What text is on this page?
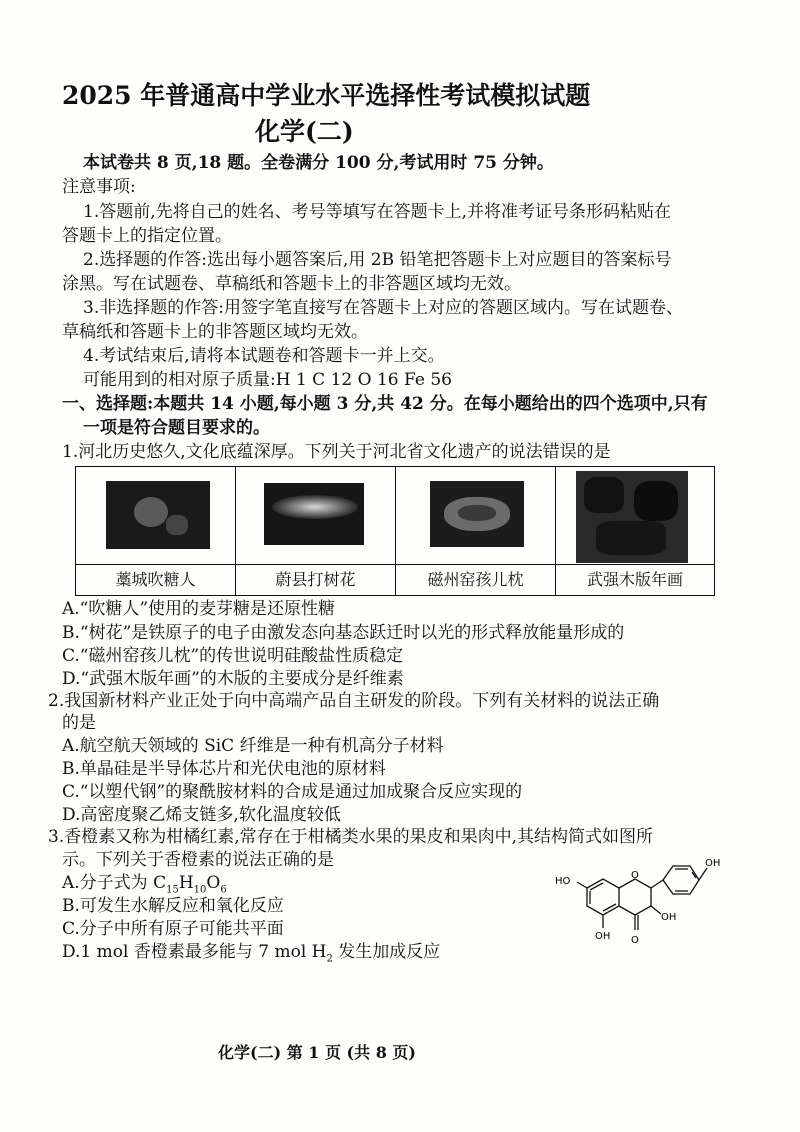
2025 年普通高中学业水平选择性考试模拟试题
化学(二)
本试卷共 8 页,18 题。全卷满分 100 分,考试用时 75 分钟。
注意事项:
1.答题前,先将自己的姓名、考号等填写在答题卡上,并将准考证号条形码粘贴在
答题卡上的指定位置。
2.选择题的作答:选出每小题答案后,用 2B 铅笔把答题卡上对应题目的答案标号
涂黑。写在试题卷、草稿纸和答题卡上的非答题区域均无效。
3.非选择题的作答:用签字笔直接写在答题卡上对应的答题区域内。写在试题卷、
草稿纸和答题卡上的非答题区域均无效。
4.考试结束后,请将本试题卷和答题卡一并上交。
可能用到的相对原子质量:H 1 C 12 O 16 Fe 56
一、选择题:本题共 14 小题,每小题 3 分,共 42 分。在每小题给出的四个选项中,只有
一项是符合题目要求的。
1.河北历史悠久,文化底蕴深厚。下列关于河北省文化遗产的说法错误的是
藁城吹糖人	蔚县打树花	磁州窑孩儿枕	武强木版年画
A.“吹糖人”使用的麦芽糖是还原性糖
B.“树花”是铁原子的电子由激发态向基态跃迁时以光的形式释放能量形成的
C.“磁州窑孩儿枕”的传世说明硅酸盐性质稳定
D.“武强木版年画”的木版的主要成分是纤维素
2.我国新材料产业正处于向中高端产品自主研发的阶段。下列有关材料的说法正确
的是
A.航空航天领域的 SiC 纤维是一种有机高分子材料
B.单晶硅是半导体芯片和光伏电池的原材料
C.“以塑代钢”的聚酰胺材料的合成是通过加成聚合反应实现的
D.高密度聚乙烯支链多,软化温度较低
3.香橙素又称为柑橘红素,常存在于柑橘类水果的果皮和果肉中,其结构简式如图所
示。下列关于香橙素的说法正确的是
A.分子式为 $C_{15}H_{10}O_6$
B.可发生水解反应和氧化反应
C.分子中所有原子可能共平面
D.1 mol 香橙素最多能与 7 mol $H_2$ 发生加成反应
O
O
OH
OH
HO
OH
化学(二) 第 1 页 (共 8 页)
